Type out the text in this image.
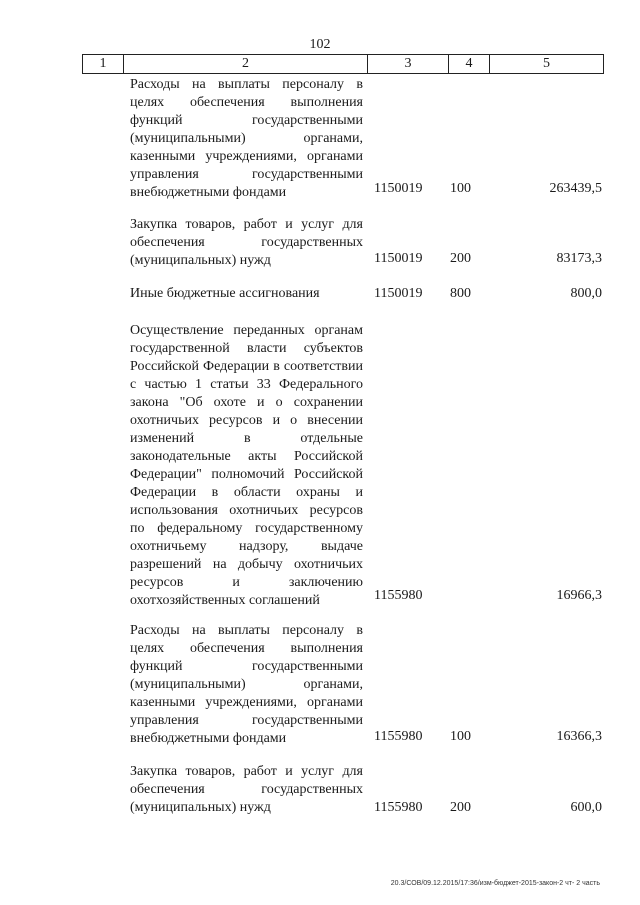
102
1	2	3	4	5
Расходы на выплаты персоналу в целях обеспечения выполнения функций государственными (муниципальными) органами, казенными учреждениями, органами управления государственными внебюджетными фондами	1150019 100	263439,5
Закупка товаров, работ и услуг для обеспечения государственных (муниципальных) нужд	1150019 200	83173,3
Иные бюджетные ассигнования	1150019 800	800,0
Осуществление переданных органам государственной власти субъектов Российской Федерации в соответствии с частью 1 статьи 33 Федерального закона "Об охоте и о сохранении охотничьих ресурсов и о внесении изменений в отдельные законодательные акты Российской Федерации" полномочий Российской Федерации в области охраны и использования охотничьих ресурсов по федеральному государственному охотничьему надзору, выдаче разрешений на добычу охотничьих ресурсов и заключению охотхозяйственных соглашений	1155980	16966,3
Расходы на выплаты персоналу в целях обеспечения выполнения функций государственными (муниципальными) органами, казенными учреждениями, органами управления государственными внебюджетными фондами	1155980 100	16366,3
Закупка товаров, работ и услуг для обеспечения государственных (муниципальных) нужд	1155980 200	600,0
20.3/СОВ/09.12.2015/17:36/изм-бюджет-2015-закон-2 чт- 2 часть
